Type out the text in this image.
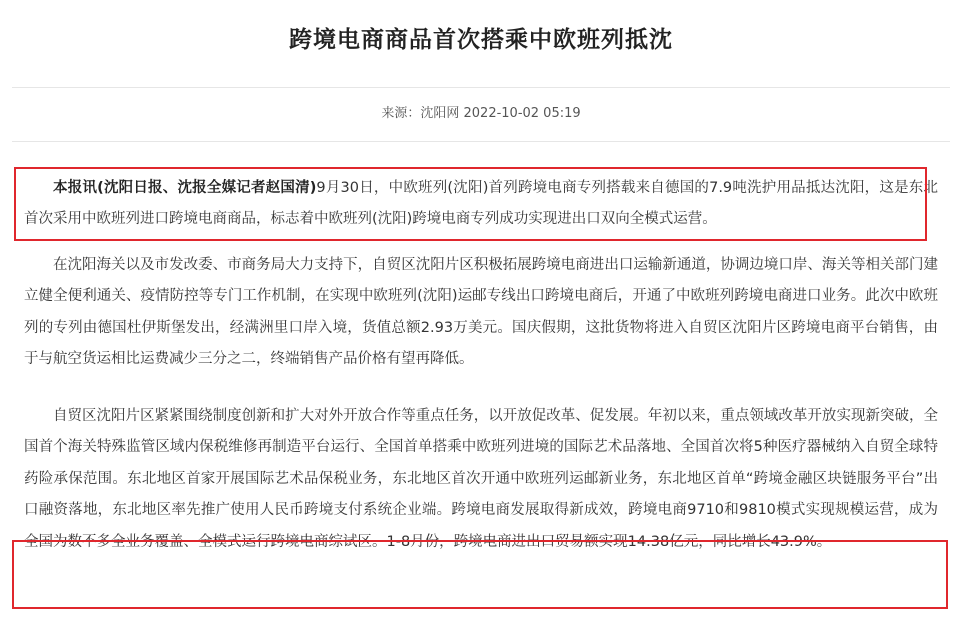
跨境电商商品首次搭乘中欧班列抵沈
来源：沈阳网 2022-10-02 05:19

本报讯(沈阳日报、沈报全媒记者赵国清)9月30日，中欧班列(沈阳)首列跨境电商专列搭载来自德国的7.9吨洗护用品抵达沈阳，这是东北首次采用中欧班列进口跨境电商商品，标志着中欧班列(沈阳)跨境电商专列成功实现进出口双向全模式运营。

在沈阳海关以及市发改委、市商务局大力支持下，自贸区沈阳片区积极拓展跨境电商进出口运输新通道，协调边境口岸、海关等相关部门建立健全便利通关、疫情防控等专门工作机制，在实现中欧班列(沈阳)运邮专线出口跨境电商后，开通了中欧班列跨境电商进口业务。此次中欧班列的专列由德国杜伊斯堡发出，经满洲里口岸入境，货值总额2.93万美元。国庆假期，这批货物将进入自贸区沈阳片区跨境电商平台销售，由于与航空货运相比运费减少三分之二，终端销售产品价格有望再降低。

自贸区沈阳片区紧紧围绕制度创新和扩大对外开放合作等重点任务，以开放促改革、促发展。年初以来，重点领域改革开放实现新突破，全国首个海关特殊监管区域内保税维修再制造平台运行、全国首单搭乘中欧班列进境的国际艺术品落地、全国首次将5种医疗器械纳入自贸全球特药险承保范围。东北地区首家开展国际艺术品保税业务，东北地区首次开通中欧班列运邮新业务，东北地区首单“跨境金融区块链服务平台”出口融资落地，东北地区率先推广使用人民币跨境支付系统企业端。跨境电商发展取得新成效，跨境电商9710和9810模式实现规模运营，成为全国为数不多全业务覆盖、全模式运行跨境电商综试区。1-8月份，跨境电商进出口贸易额实现14.38亿元，同比增长43.9%。
